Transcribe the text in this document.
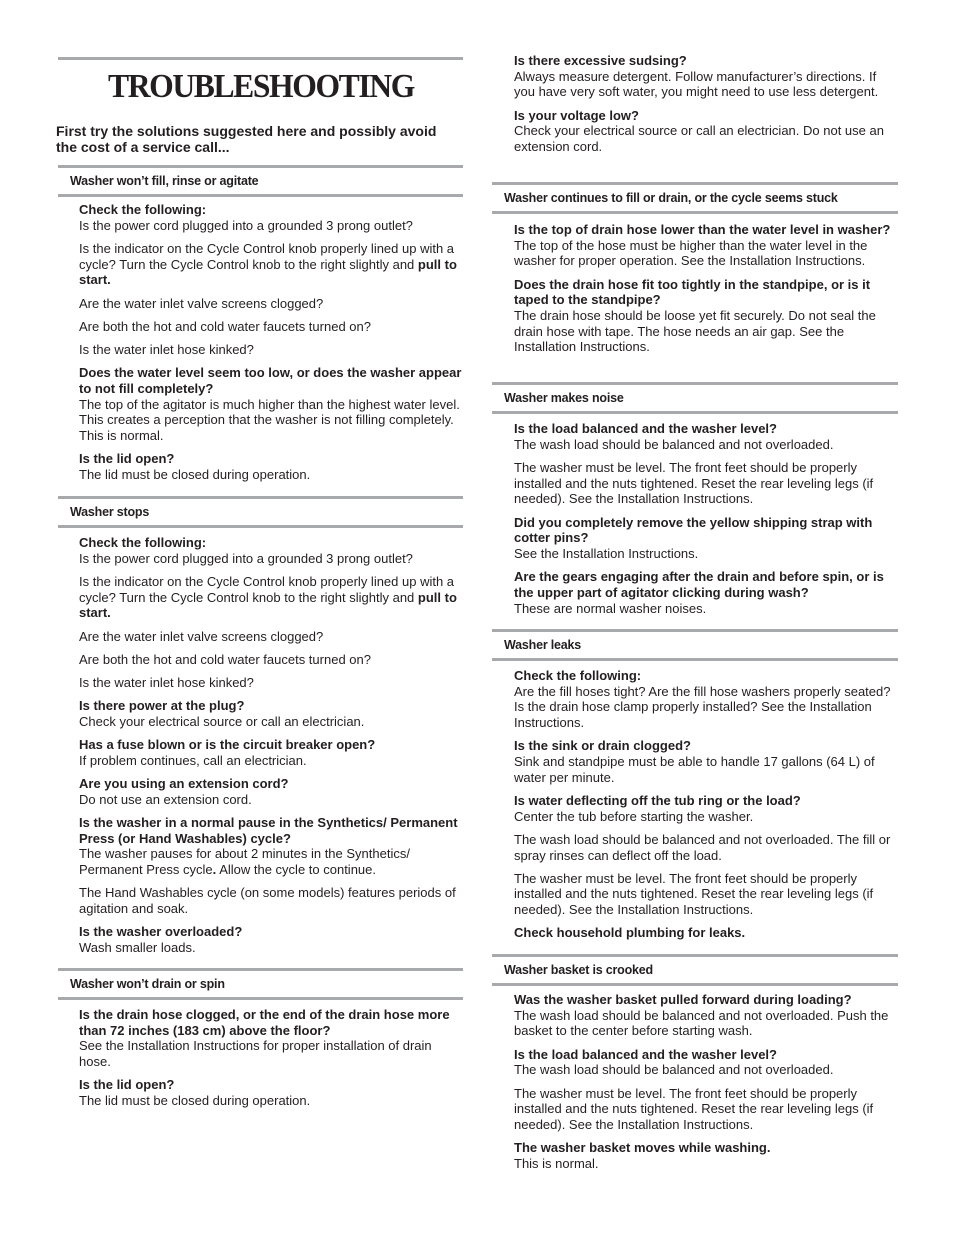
TROUBLESHOOTING

First try the solutions suggested here and possibly avoid the cost of a service call...

Washer won’t fill, rinse or agitate

Check the following:
Is the power cord plugged into a grounded 3 prong outlet?

Is the indicator on the Cycle Control knob properly lined up with a cycle? Turn the Cycle Control knob to the right slightly and pull to start.

Are the water inlet valve screens clogged?

Are both the hot and cold water faucets turned on?

Is the water inlet hose kinked?

Does the water level seem too low, or does the washer appear to not fill completely?
The top of the agitator is much higher than the highest water level. This creates a perception that the washer is not filling completely. This is normal.

Is the lid open?
The lid must be closed during operation.

Washer stops

Check the following:
Is the power cord plugged into a grounded 3 prong outlet?

Is the indicator on the Cycle Control knob properly lined up with a cycle? Turn the Cycle Control knob to the right slightly and pull to start.

Are the water inlet valve screens clogged?

Are both the hot and cold water faucets turned on?

Is the water inlet hose kinked?

Is there power at the plug?
Check your electrical source or call an electrician.

Has a fuse blown or is the circuit breaker open?
If problem continues, call an electrician.

Are you using an extension cord?
Do not use an extension cord.

Is the washer in a normal pause in the Synthetics/ Permanent Press (or Hand Washables) cycle?
The washer pauses for about 2 minutes in the Synthetics/ Permanent Press cycle. Allow the cycle to continue.

The Hand Washables cycle (on some models) features periods of agitation and soak.

Is the washer overloaded?
Wash smaller loads.

Washer won’t drain or spin

Is the drain hose clogged, or the end of the drain hose more than 72 inches (183 cm) above the floor?
See the Installation Instructions for proper installation of drain hose.

Is the lid open?
The lid must be closed during operation.

Is there excessive sudsing?
Always measure detergent. Follow manufacturer’s directions. If you have very soft water, you might need to use less detergent.

Is your voltage low?
Check your electrical source or call an electrician. Do not use an extension cord.

Washer continues to fill or drain, or the cycle seems stuck

Is the top of drain hose lower than the water level in washer?
The top of the hose must be higher than the water level in the washer for proper operation. See the Installation Instructions.

Does the drain hose fit too tightly in the standpipe, or is it taped to the standpipe?
The drain hose should be loose yet fit securely. Do not seal the drain hose with tape. The hose needs an air gap. See the Installation Instructions.

Washer makes noise

Is the load balanced and the washer level?
The wash load should be balanced and not overloaded.

The washer must be level. The front feet should be properly installed and the nuts tightened. Reset the rear leveling legs (if needed). See the Installation Instructions.

Did you completely remove the yellow shipping strap with cotter pins?
See the Installation Instructions.

Are the gears engaging after the drain and before spin, or is the upper part of agitator clicking during wash?
These are normal washer noises.

Washer leaks

Check the following:
Are the fill hoses tight? Are the fill hose washers properly seated? Is the drain hose clamp properly installed? See the Installation Instructions.

Is the sink or drain clogged?
Sink and standpipe must be able to handle 17 gallons (64 L) of water per minute.

Is water deflecting off the tub ring or the load?
Center the tub before starting the washer.

The wash load should be balanced and not overloaded. The fill or spray rinses can deflect off the load.

The washer must be level. The front feet should be properly installed and the nuts tightened. Reset the rear leveling legs (if needed). See the Installation Instructions.

Check household plumbing for leaks.

Washer basket is crooked

Was the washer basket pulled forward during loading?
The wash load should be balanced and not overloaded. Push the basket to the center before starting wash.

Is the load balanced and the washer level?
The wash load should be balanced and not overloaded.

The washer must be level. The front feet should be properly installed and the nuts tightened. Reset the rear leveling legs (if needed). See the Installation Instructions.

The washer basket moves while washing.
This is normal.
